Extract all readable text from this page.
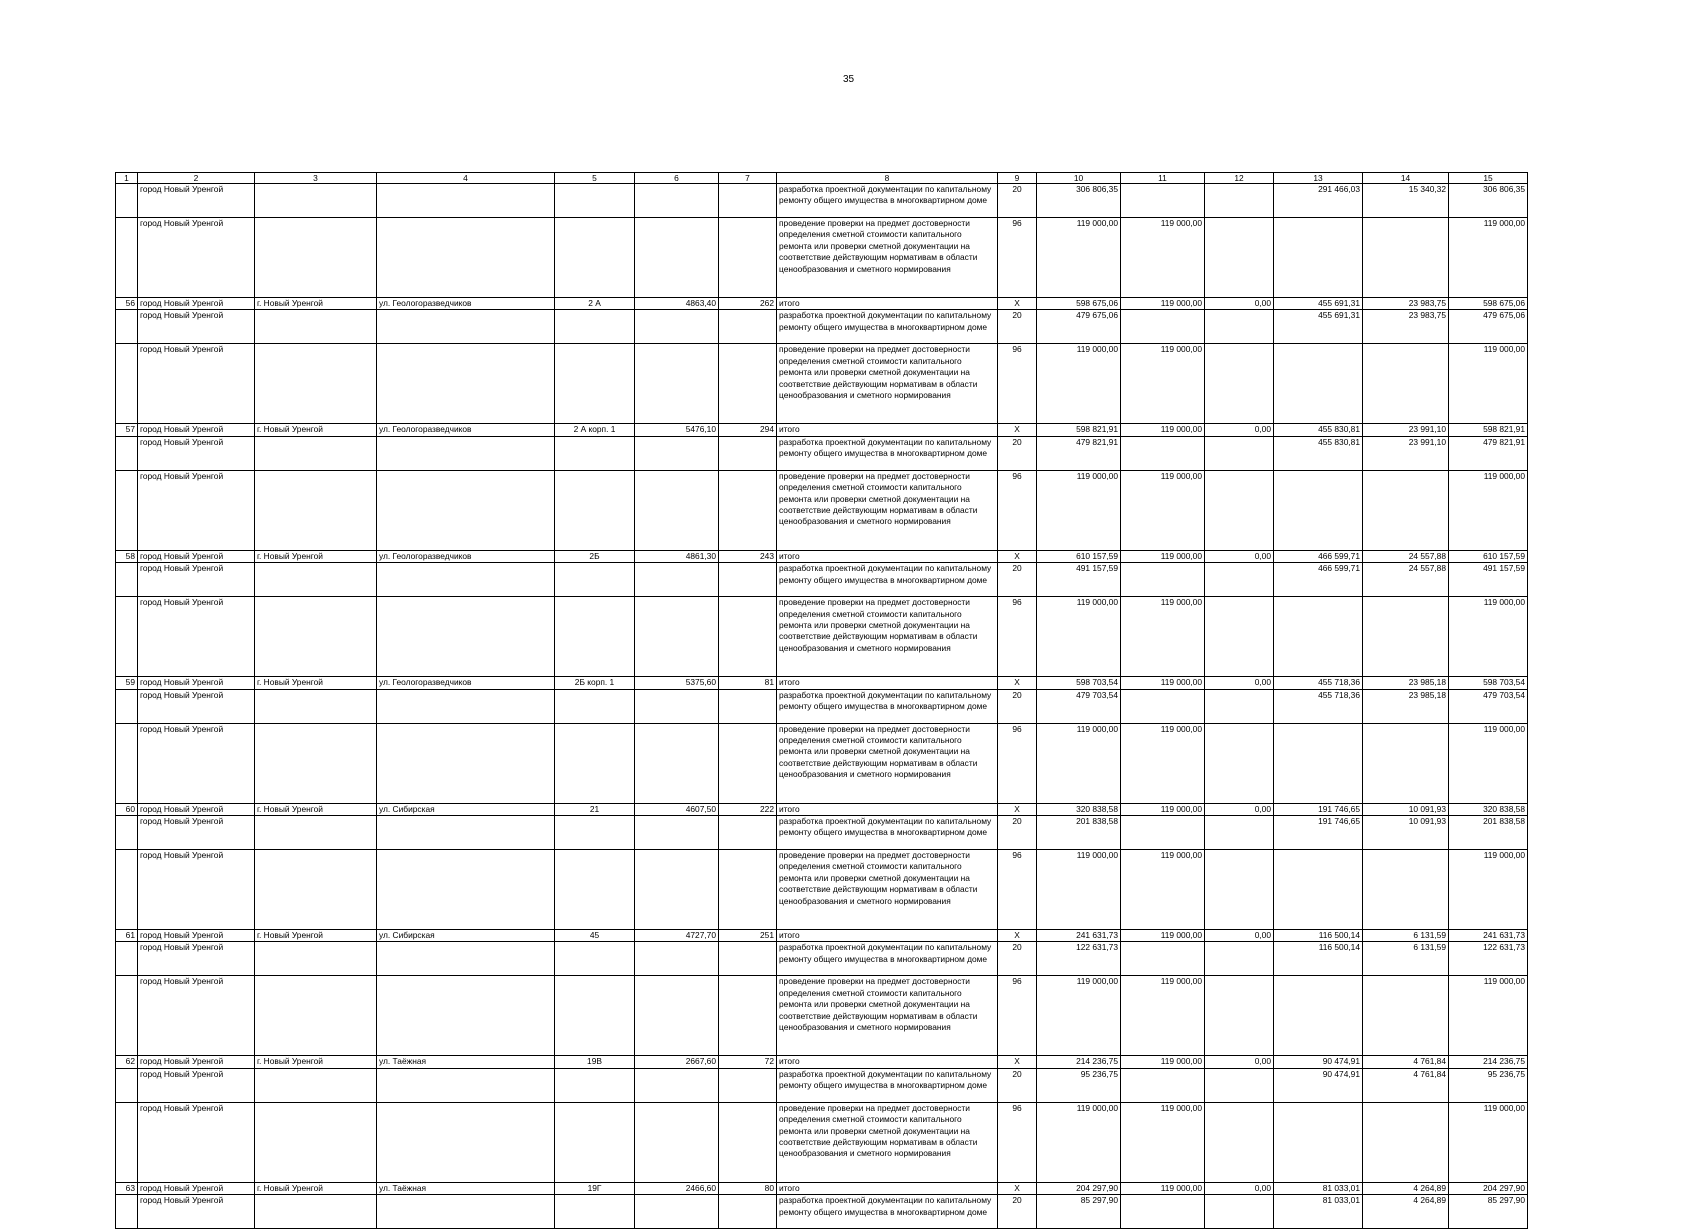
35
1	2	3	4	5	6	7	8	9	10	11	12	13	14	15
	город Новый Уренгой						разработка проектной документации по капитальному ремонту общего имущества в многоквартирном доме	20	306 806,35			291 466,03	15 340,32	306 806,35
	город Новый Уренгой						проведение проверки на предмет достоверности определения сметной стоимости капитального ремонта или проверки сметной документации на соответствие действующим нормативам в области ценообразования и сметного нормирования	96	119 000,00	119 000,00				119 000,00
56	город Новый Уренгой	г. Новый Уренгой	ул. Геологоразведчиков	2 А	4863,40	262	итого	X	598 675,06	119 000,00	0,00	455 691,31	23 983,75	598 675,06
	город Новый Уренгой						разработка проектной документации по капитальному ремонту общего имущества в многоквартирном доме	20	479 675,06			455 691,31	23 983,75	479 675,06
	город Новый Уренгой						проведение проверки на предмет достоверности определения сметной стоимости капитального ремонта или проверки сметной документации на соответствие действующим нормативам в области ценообразования и сметного нормирования	96	119 000,00	119 000,00				119 000,00
57	город Новый Уренгой	г. Новый Уренгой	ул. Геологоразведчиков	2 А корп. 1	5476,10	294	итого	X	598 821,91	119 000,00	0,00	455 830,81	23 991,10	598 821,91
	город Новый Уренгой						разработка проектной документации по капитальному ремонту общего имущества в многоквартирном доме	20	479 821,91			455 830,81	23 991,10	479 821,91
	город Новый Уренгой						проведение проверки на предмет достоверности определения сметной стоимости капитального ремонта или проверки сметной документации на соответствие действующим нормативам в области ценообразования и сметного нормирования	96	119 000,00	119 000,00				119 000,00
58	город Новый Уренгой	г. Новый Уренгой	ул. Геологоразведчиков	2Б	4861,30	243	итого	X	610 157,59	119 000,00	0,00	466 599,71	24 557,88	610 157,59
	город Новый Уренгой						разработка проектной документации по капитальному ремонту общего имущества в многоквартирном доме	20	491 157,59			466 599,71	24 557,88	491 157,59
	город Новый Уренгой						проведение проверки на предмет достоверности определения сметной стоимости капитального ремонта или проверки сметной документации на соответствие действующим нормативам в области ценообразования и сметного нормирования	96	119 000,00	119 000,00				119 000,00
59	город Новый Уренгой	г. Новый Уренгой	ул. Геологоразведчиков	2Б корп. 1	5375,60	81	итого	X	598 703,54	119 000,00	0,00	455 718,36	23 985,18	598 703,54
	город Новый Уренгой						разработка проектной документации по капитальному ремонту общего имущества в многоквартирном доме	20	479 703,54			455 718,36	23 985,18	479 703,54
	город Новый Уренгой						проведение проверки на предмет достоверности определения сметной стоимости капитального ремонта или проверки сметной документации на соответствие действующим нормативам в области ценообразования и сметного нормирования	96	119 000,00	119 000,00				119 000,00
60	город Новый Уренгой	г. Новый Уренгой	ул. Сибирская	21	4607,50	222	итого	X	320 838,58	119 000,00	0,00	191 746,65	10 091,93	320 838,58
	город Новый Уренгой						разработка проектной документации по капитальному ремонту общего имущества в многоквартирном доме	20	201 838,58			191 746,65	10 091,93	201 838,58
	город Новый Уренгой						проведение проверки на предмет достоверности определения сметной стоимости капитального ремонта или проверки сметной документации на соответствие действующим нормативам в области ценообразования и сметного нормирования	96	119 000,00	119 000,00				119 000,00
61	город Новый Уренгой	г. Новый Уренгой	ул. Сибирская	45	4727,70	251	итого	X	241 631,73	119 000,00	0,00	116 500,14	6 131,59	241 631,73
	город Новый Уренгой						разработка проектной документации по капитальному ремонту общего имущества в многоквартирном доме	20	122 631,73			116 500,14	6 131,59	122 631,73
	город Новый Уренгой						проведение проверки на предмет достоверности определения сметной стоимости капитального ремонта или проверки сметной документации на соответствие действующим нормативам в области ценообразования и сметного нормирования	96	119 000,00	119 000,00				119 000,00
62	город Новый Уренгой	г. Новый Уренгой	ул. Таёжная	19В	2667,60	72	итого	X	214 236,75	119 000,00	0,00	90 474,91	4 761,84	214 236,75
	город Новый Уренгой						разработка проектной документации по капитальному ремонту общего имущества в многоквартирном доме	20	95 236,75			90 474,91	4 761,84	95 236,75
	город Новый Уренгой						проведение проверки на предмет достоверности определения сметной стоимости капитального ремонта или проверки сметной документации на соответствие действующим нормативам в области ценообразования и сметного нормирования	96	119 000,00	119 000,00				119 000,00
63	город Новый Уренгой	г. Новый Уренгой	ул. Таёжная	19Г	2466,60	80	итого	X	204 297,90	119 000,00	0,00	81 033,01	4 264,89	204 297,90
	город Новый Уренгой						разработка проектной документации по капитальному ремонту общего имущества в многоквартирном доме	20	85 297,90			81 033,01	4 264,89	85 297,90
